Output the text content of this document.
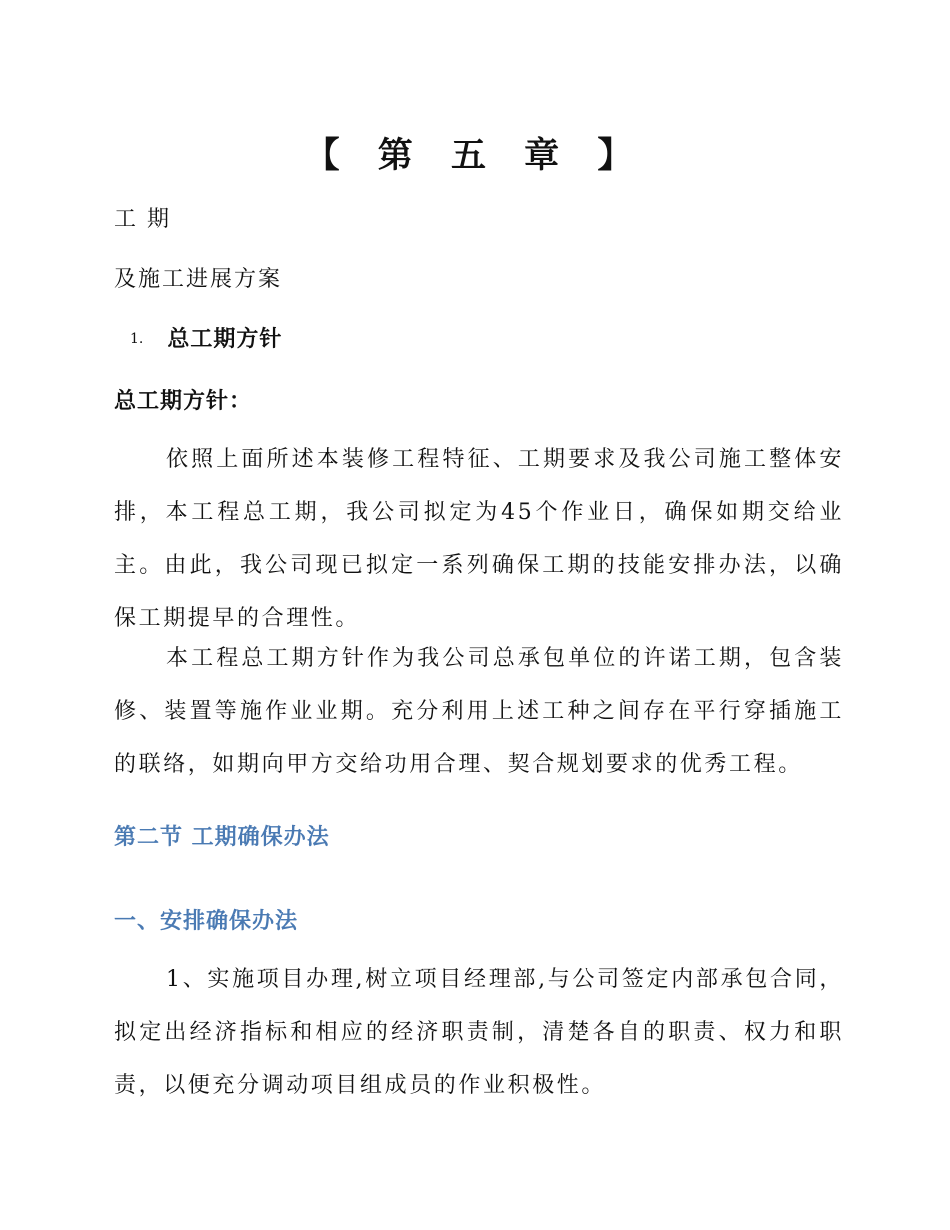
【 第 五 章 】

工 期

及施工进展方案

1. 总工期方针

总工期方针：

依照上面所述本装修工程特征、工期要求及我公司施工整体安排，本工程总工期，我公司拟定为45个作业日，确保如期交给业主。由此，我公司现已拟定一系列确保工期的技能安排办法，以确保工期提早的合理性。

本工程总工期方针作为我公司总承包单位的许诺工期，包含装修、装置等施作业业期。充分利用上述工种之间存在平行穿插施工的联络，如期向甲方交给功用合理、契合规划要求的优秀工程。

第二节 工期确保办法

一、安排确保办法

1、实施项目办理,树立项目经理部,与公司签定内部承包合同，拟定出经济指标和相应的经济职责制，清楚各自的职责、权力和职责，以便充分调动项目组成员的作业积极性。
